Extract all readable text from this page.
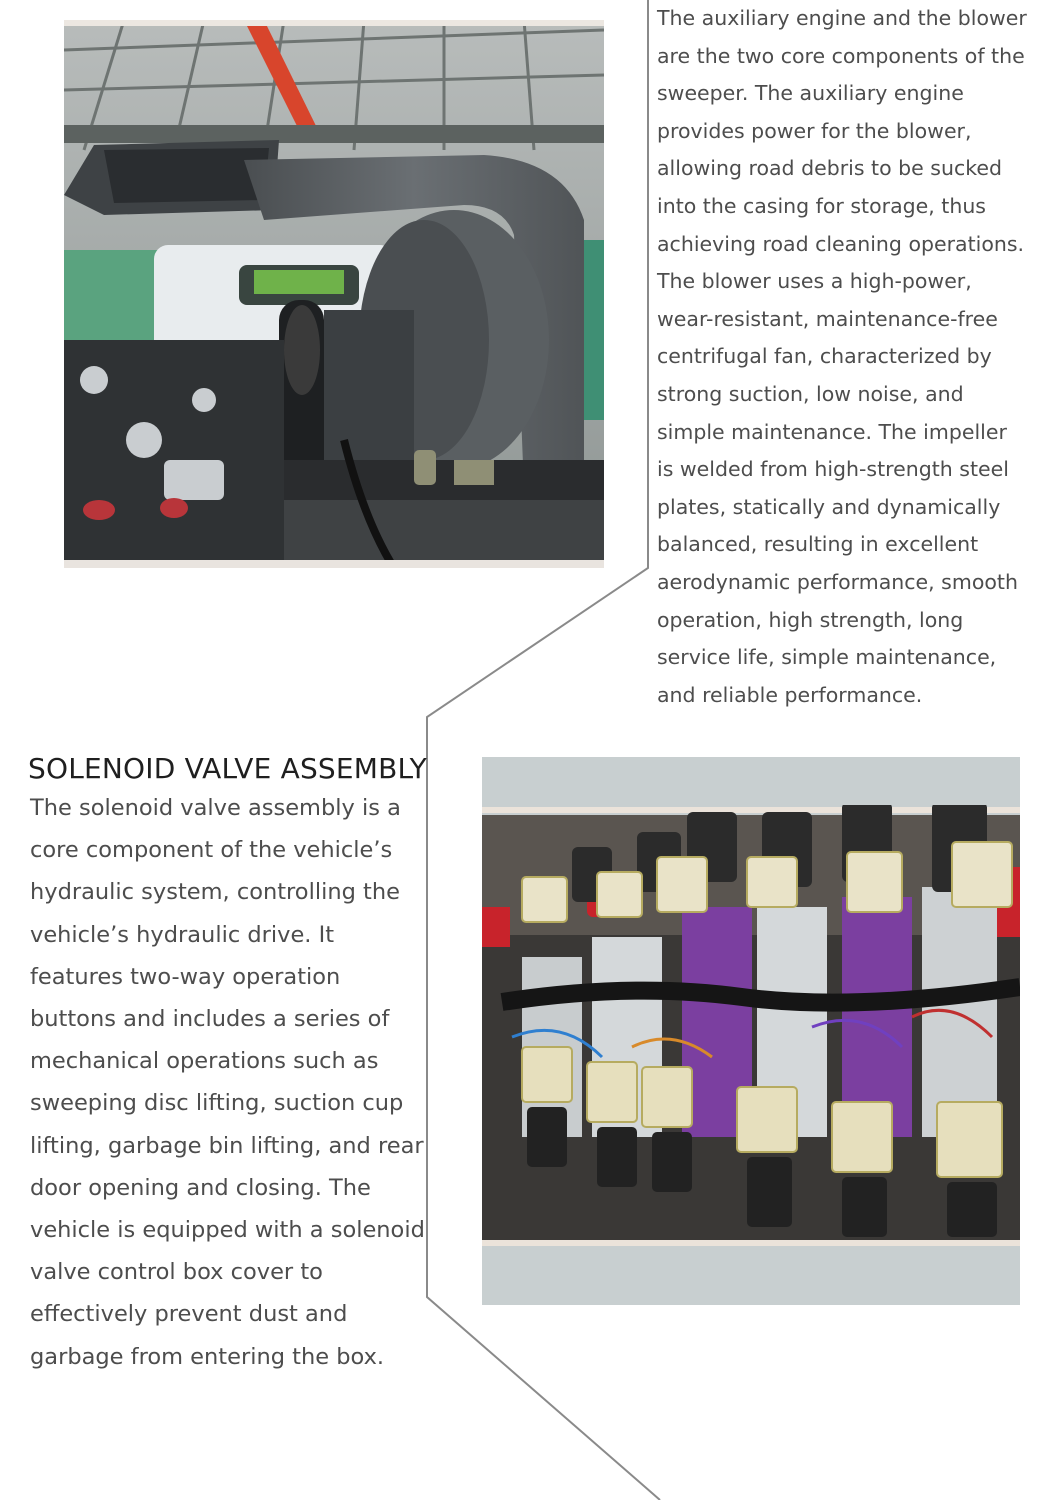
The auxiliary engine and the blower are the two core components of the sweeper. The auxiliary engine provides power for the blower, allowing road debris to be sucked into the casing for storage, thus achieving road cleaning operations. The blower uses a high-power, wear-resistant, maintenance-free centrifugal fan, characterized by strong suction, low noise, and simple maintenance. The impeller is welded from high-strength steel plates, statically and dynamically balanced, resulting in excellent aerodynamic performance, smooth operation, high strength, long service life, simple maintenance, and reliable performance.

SOLENOID VALVE ASSEMBLY

The solenoid valve assembly is a core component of the vehicle’s hydraulic system, controlling the vehicle’s hydraulic drive. It features two-way operation buttons and includes a series of mechanical operations such as sweeping disc lifting, suction cup lifting, garbage bin lifting, and rear door opening and closing. The vehicle is equipped with a solenoid valve control box cover to effectively prevent dust and garbage from entering the box.
